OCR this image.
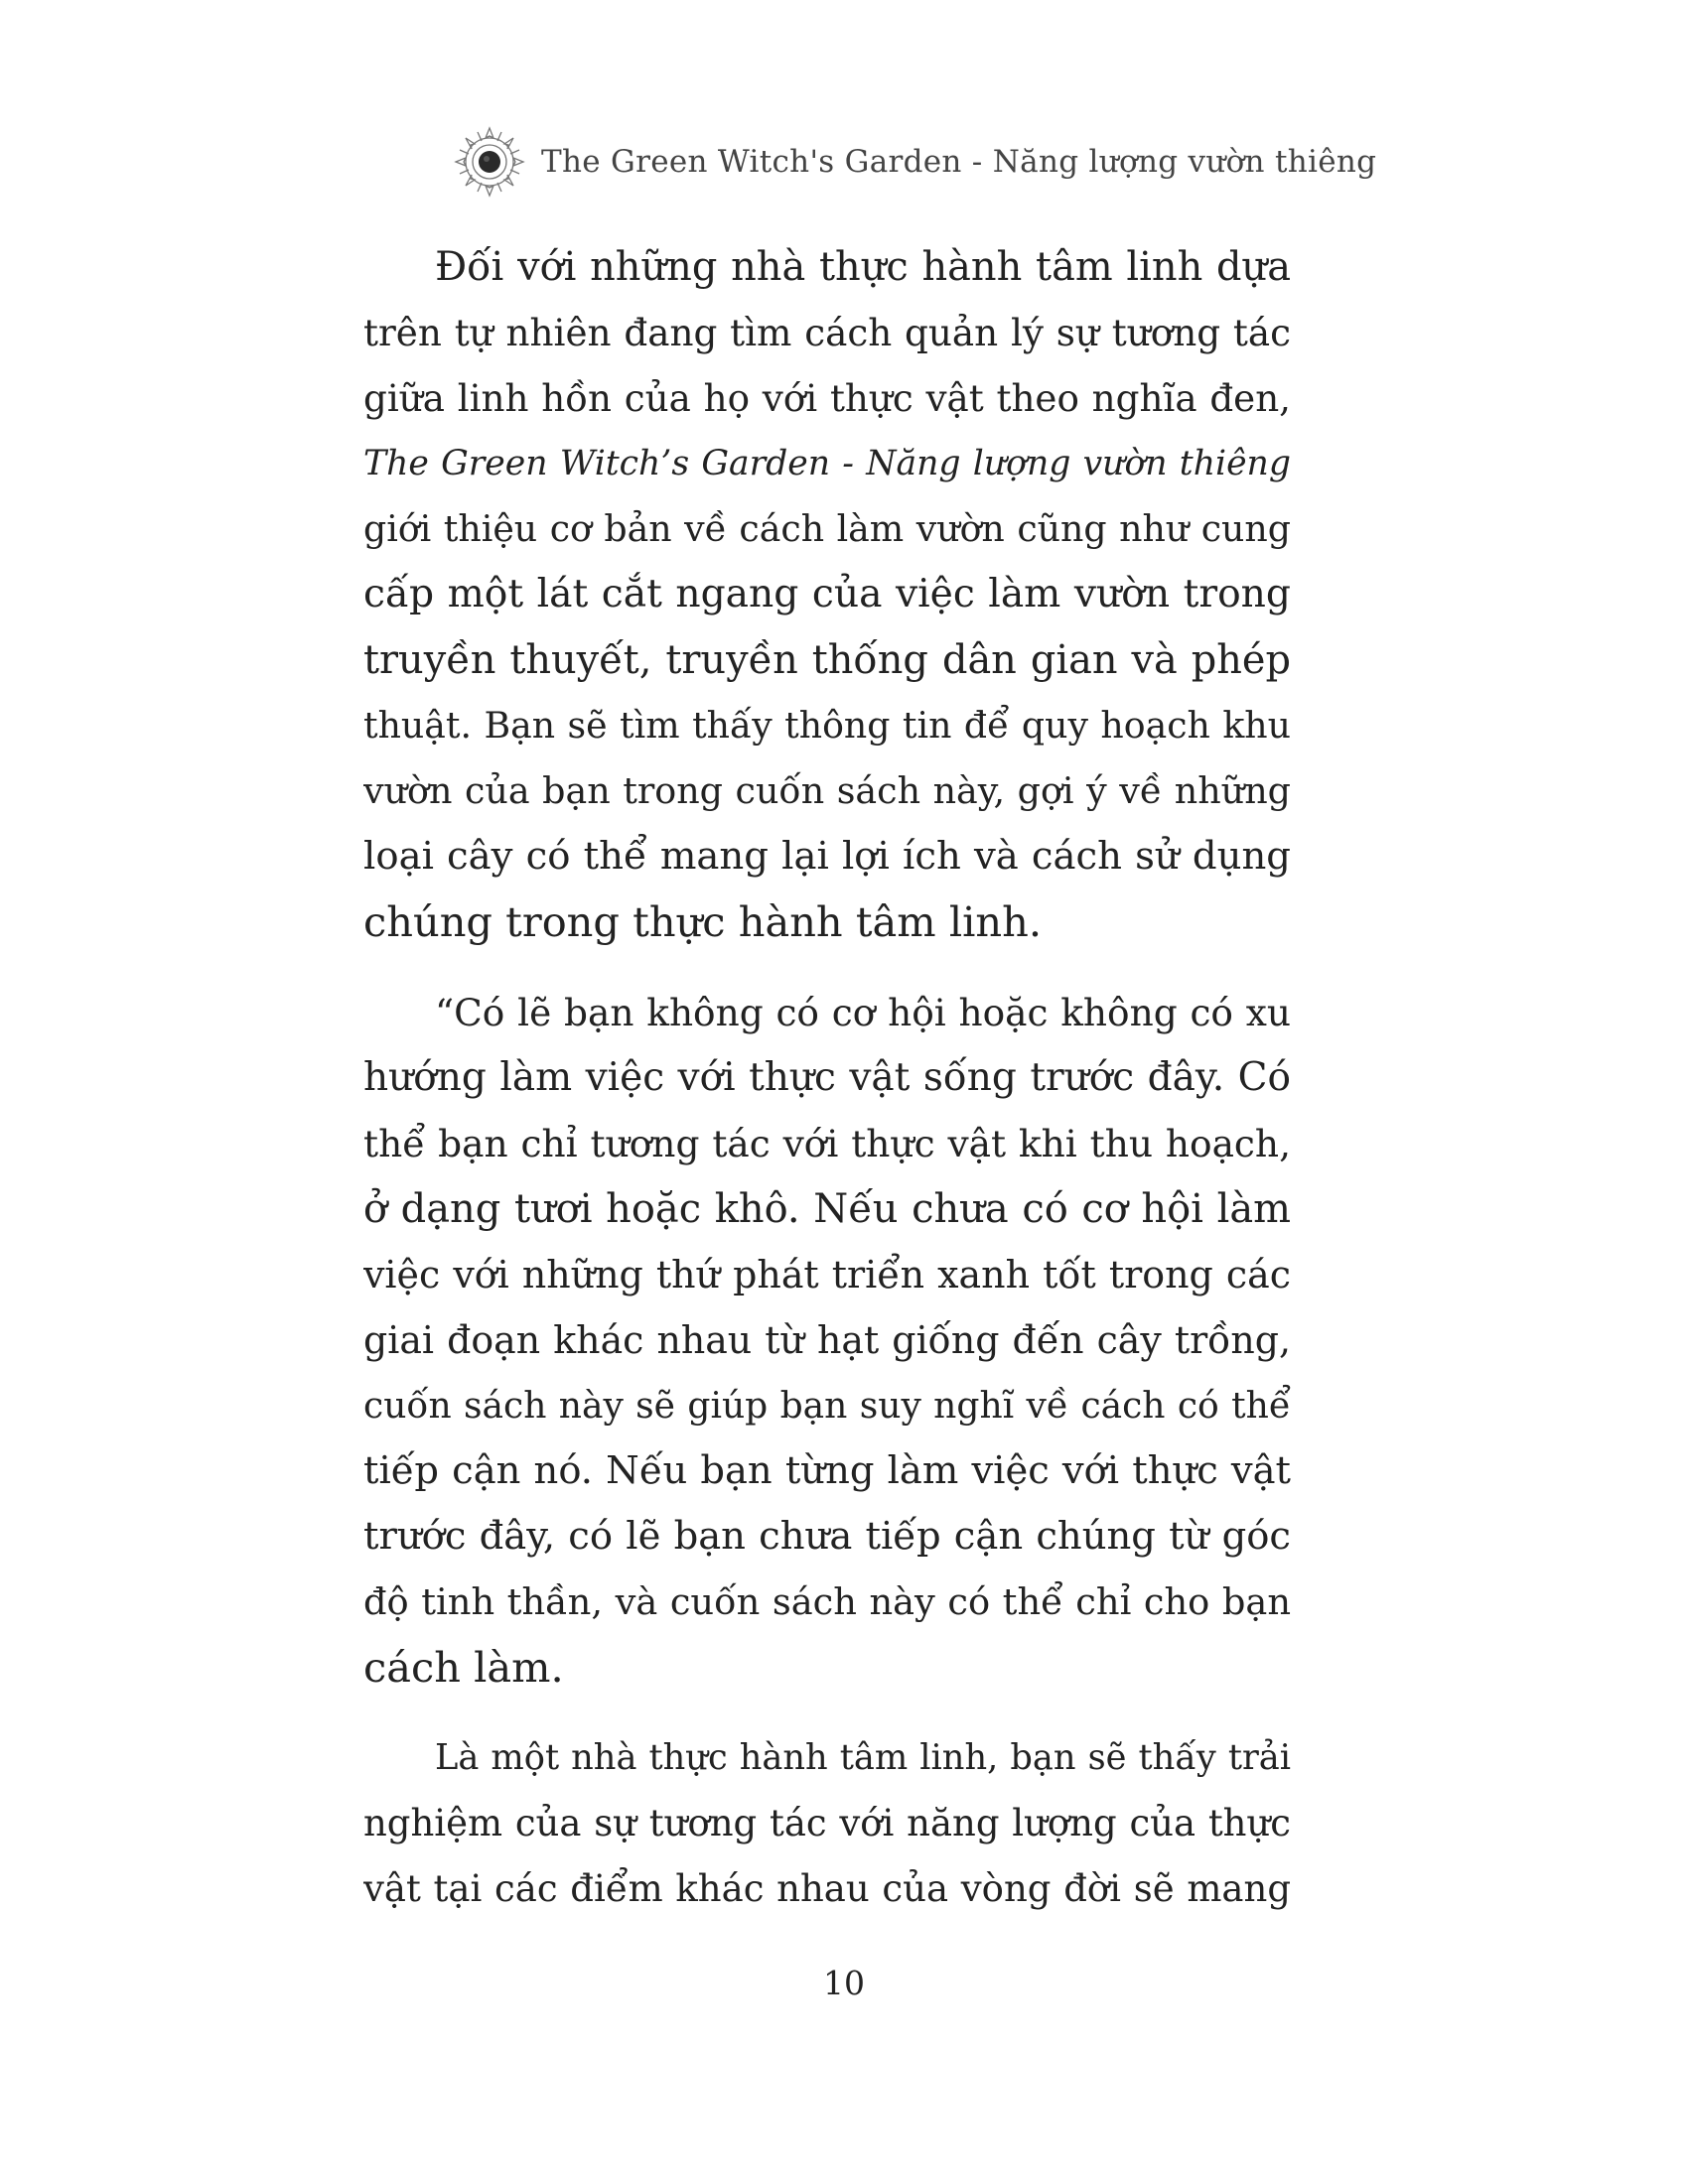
The Green Witch's Garden - Năng lượng vườn thiêng
Đối với những nhà thực hành tâm linh dựa
trên tự nhiên đang tìm cách quản lý sự tương tác
giữa linh hồn của họ với thực vật theo nghĩa đen,
The Green Witch’s Garden - Năng lượng vườn thiêng
giới thiệu cơ bản về cách làm vườn cũng như cung
cấp một lát cắt ngang của việc làm vườn trong
truyền thuyết, truyền thống dân gian và phép
thuật. Bạn sẽ tìm thấy thông tin để quy hoạch khu
vườn của bạn trong cuốn sách này, gợi ý về những
loại cây có thể mang lại lợi ích và cách sử dụng
chúng trong thực hành tâm linh.
“Có lẽ bạn không có cơ hội hoặc không có xu
hướng làm việc với thực vật sống trước đây. Có
thể bạn chỉ tương tác với thực vật khi thu hoạch,
ở dạng tươi hoặc khô. Nếu chưa có cơ hội làm
việc với những thứ phát triển xanh tốt trong các
giai đoạn khác nhau từ hạt giống đến cây trồng,
cuốn sách này sẽ giúp bạn suy nghĩ về cách có thể
tiếp cận nó. Nếu bạn từng làm việc với thực vật
trước đây, có lẽ bạn chưa tiếp cận chúng từ góc
độ tinh thần, và cuốn sách này có thể chỉ cho bạn
cách làm.
Là một nhà thực hành tâm linh, bạn sẽ thấy trải
nghiệm của sự tương tác với năng lượng của thực
vật tại các điểm khác nhau của vòng đời sẽ mang
10
